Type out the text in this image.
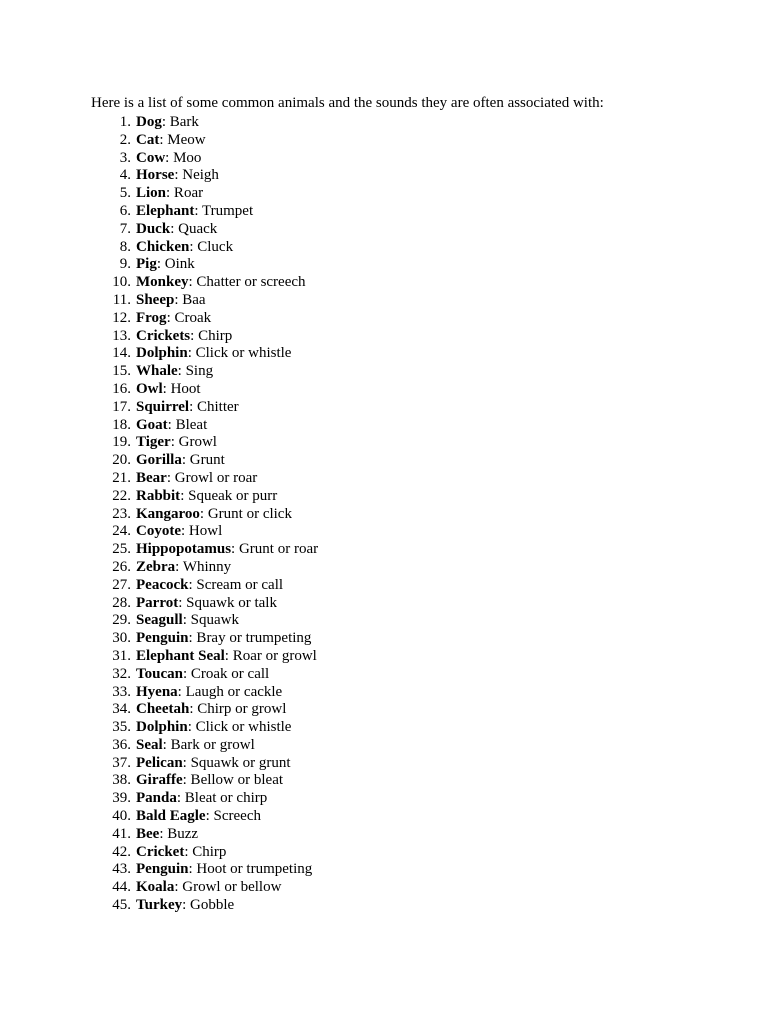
Here is a list of some common animals and the sounds they are often associated with:

1. Dog: Bark
2. Cat: Meow
3. Cow: Moo
4. Horse: Neigh
5. Lion: Roar
6. Elephant: Trumpet
7. Duck: Quack
8. Chicken: Cluck
9. Pig: Oink
10. Monkey: Chatter or screech
11. Sheep: Baa
12. Frog: Croak
13. Crickets: Chirp
14. Dolphin: Click or whistle
15. Whale: Sing
16. Owl: Hoot
17. Squirrel: Chitter
18. Goat: Bleat
19. Tiger: Growl
20. Gorilla: Grunt
21. Bear: Growl or roar
22. Rabbit: Squeak or purr
23. Kangaroo: Grunt or click
24. Coyote: Howl
25. Hippopotamus: Grunt or roar
26. Zebra: Whinny
27. Peacock: Scream or call
28. Parrot: Squawk or talk
29. Seagull: Squawk
30. Penguin: Bray or trumpeting
31. Elephant Seal: Roar or growl
32. Toucan: Croak or call
33. Hyena: Laugh or cackle
34. Cheetah: Chirp or growl
35. Dolphin: Click or whistle
36. Seal: Bark or growl
37. Pelican: Squawk or grunt
38. Giraffe: Bellow or bleat
39. Panda: Bleat or chirp
40. Bald Eagle: Screech
41. Bee: Buzz
42. Cricket: Chirp
43. Penguin: Hoot or trumpeting
44. Koala: Growl or bellow
45. Turkey: Gobble
